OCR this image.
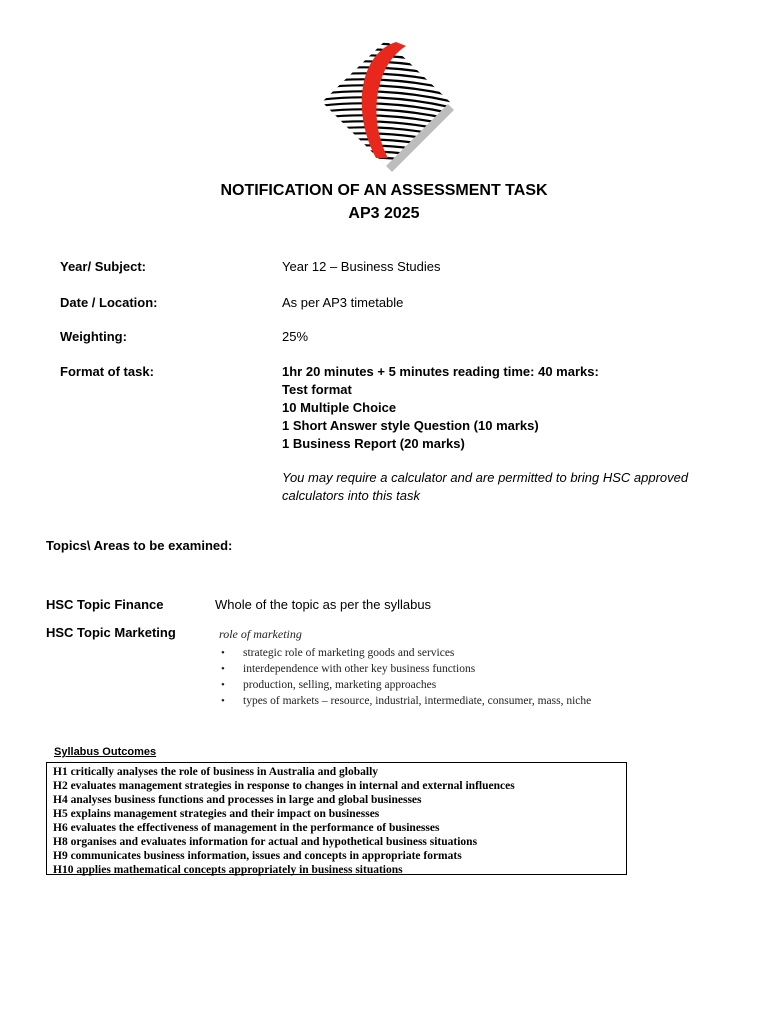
NOTIFICATION OF AN ASSESSMENT TASK
AP3 2025
Year/ Subject:	Year 12 – Business Studies
Date / Location:	As per AP3 timetable
Weighting:	25%
Format of task:	1hr 20 minutes + 5 minutes reading time: 40 marks:
Test format
10 Multiple Choice
1 Short Answer style Question (10 marks)
1 Business Report (20 marks)
You may require a calculator and are permitted to bring HSC approved calculators into this task
Topics\ Areas to be examined:
HSC Topic Finance	Whole of the topic as per the syllabus
HSC Topic Marketing	role of marketing
• strategic role of marketing goods and services
• interdependence with other key business functions
• production, selling, marketing approaches
• types of markets – resource, industrial, intermediate, consumer, mass, niche
Syllabus Outcomes
H1 critically analyses the role of business in Australia and globally
H2 evaluates management strategies in response to changes in internal and external influences
H4 analyses business functions and processes in large and global businesses
H5 explains management strategies and their impact on businesses
H6 evaluates the effectiveness of management in the performance of businesses
H8 organises and evaluates information for actual and hypothetical business situations
H9 communicates business information, issues and concepts in appropriate formats
H10 applies mathematical concepts appropriately in business situations
